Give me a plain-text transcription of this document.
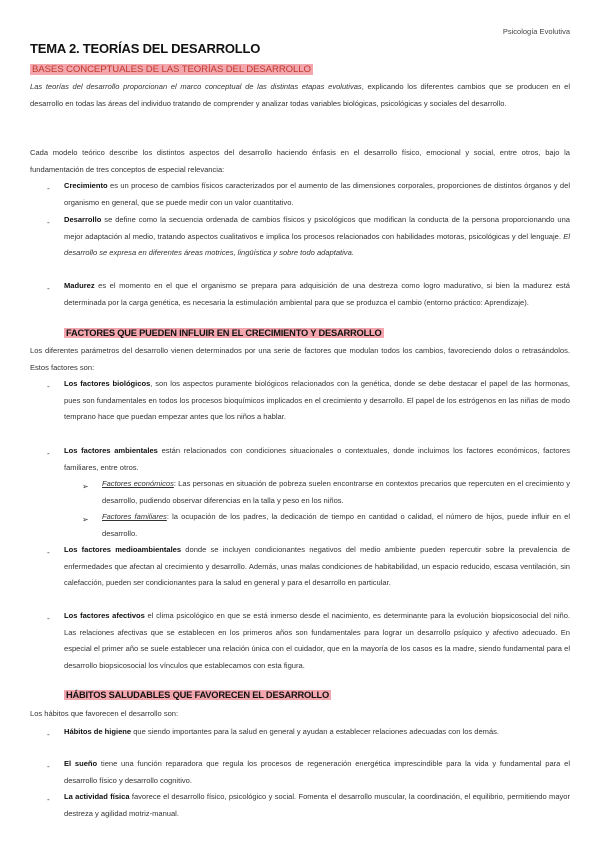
Psicología Evolutiva
TEMA 2. TEORÍAS DEL DESARROLLO
BASES CONCEPTUALES DE LAS TEORÍAS DEL DESARROLLO
Las teorías del desarrollo proporcionan el marco conceptual de las distintas etapas evolutivas, explicando los diferentes cambios que se producen en el desarrollo en todas las áreas del individuo tratando de comprender y analizar todas variables biológicas, psicológicas y sociales del desarrollo.
Cada modelo teórico describe los distintos aspectos del desarrollo haciendo énfasis en el desarrollo físico, emocional y social, entre otros, bajo la fundamentación de tres conceptos de especial relevancia:
- Crecimiento es un proceso de cambios físicos caracterizados por el aumento de las dimensiones corporales, proporciones de distintos órganos y del organismo en general, que se puede medir con un valor cuantitativo.
- Desarrollo se define como la secuencia ordenada de cambios físicos y psicológicos que modifican la conducta de la persona proporcionando una mejor adaptación al medio, tratando aspectos cualitativos e implica los procesos relacionados con habilidades motoras, psicológicas y del lenguaje. El desarrollo se expresa en diferentes áreas motrices, lingüística y sobre todo adaptativa.
- Madurez es el momento en el que el organismo se prepara para adquisición de una destreza como logro madurativo, si bien la madurez está determinada por la carga genética, es necesaria la estimulación ambiental para que se produzca el cambio (entorno práctico: Aprendizaje).
FACTORES QUE PUEDEN INFLUIR EN EL CRECIMIENTO Y DESARROLLO
Los diferentes parámetros del desarrollo vienen determinados por una serie de factores que modulan todos los cambios, favoreciendo dolos o retrasándolos. Estos factores son:
- Los factores biológicos, son los aspectos puramente biológicos relacionados con la genética, donde se debe destacar el papel de las hormonas, pues son fundamentales en todos los procesos bioquímicos implicados en el crecimiento y desarrollo. El papel de los estrógenos en las niñas de modo temprano hace que puedan empezar antes que los niños a hablar.
- Los factores ambientales están relacionados con condiciones situacionales o contextuales, donde incluimos los factores económicos, factores familiares, entre otros.
➢ Factores económicos: Las personas en situación de pobreza suelen encontrarse en contextos precarios que repercuten en el crecimiento y desarrollo, pudiendo observar diferencias en la talla y peso en los niños.
➢ Factores familiares: la ocupación de los padres, la dedicación de tiempo en cantidad o calidad, el número de hijos, puede influir en el desarrollo.
- Los factores medioambientales donde se incluyen condicionantes negativos del medio ambiente pueden repercutir sobre la prevalencia de enfermedades que afectan al crecimiento y desarrollo. Además, unas malas condiciones de habitabilidad, un espacio reducido, escasa ventilación, sin calefacción, pueden ser condicionantes para la salud en general y para el desarrollo en particular.
- Los factores afectivos el clima psicológico en que se está inmerso desde el nacimiento, es determinante para la evolución biopsicosocial del niño. Las relaciones afectivas que se establecen en los primeros años son fundamentales para lograr un desarrollo psíquico y afectivo adecuado. En especial el primer año se suele establecer una relación única con el cuidador, que en la mayoría de los casos es la madre, siendo fundamental para el desarrollo biopsicosocial los vínculos que establecamos con esta figura.
HÁBITOS SALUDABLES QUE FAVORECEN EL DESARROLLO
Los hábitos que favorecen el desarrollo son:
- Hábitos de higiene que siendo importantes para la salud en general y ayudan a establecer relaciones adecuadas con los demás.
- El sueño tiene una función reparadora que regula los procesos de regeneración energética imprescindible para la vida y fundamental para el desarrollo físico y desarrollo cognitivo.
- La actividad física favorece el desarrollo físico, psicológico y social. Fomenta el desarrollo muscular, la coordinación, el equilibrio, permitiendo mayor destreza y agilidad motriz-manual.
